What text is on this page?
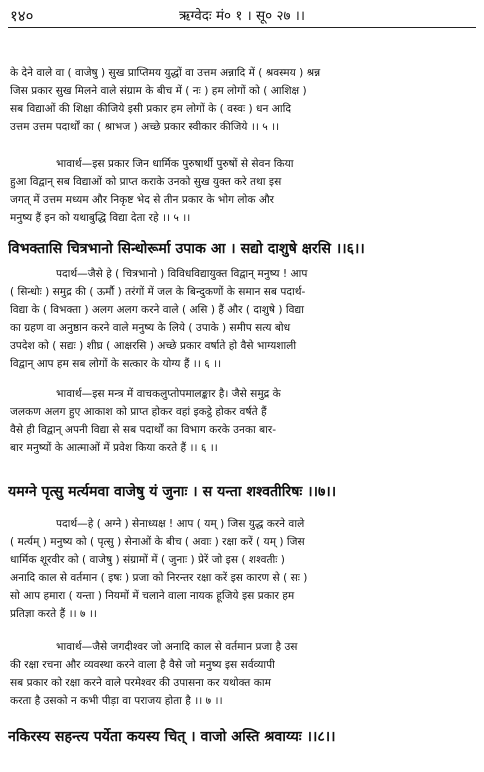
१४०	ऋग्वेदः मं० १ । सू० २७ ।।
के देने वाले वा ( वाजेषु ) सुख प्राप्तिमय युद्धों वा उत्तम अन्नादि में ( श्रवस्मय ) श्रन्न
जिस प्रकार सुख मिलने वाले संग्राम के बीच में ( नः ) हम लोगों को ( आशिक्ष )
सब विद्याओं की शिक्षा कीजिये इसी प्रकार हम लोगों के ( वस्वः ) धन आदि
उत्तम उत्तम पदार्थों का ( श्राभज ) अच्छे प्रकार स्वीकार कीजिये ।। ५ ।।
भावार्थ—इस प्रकार जिन धार्मिक पुरुषार्थी पुरुषों से सेवन किया
हुआ विद्वान् सब विद्याओं को प्राप्त कराके उनको सुख युक्त करे तथा इस
जगत् में उत्तम मध्यम और निकृष्ट भेद से तीन प्रकार के भोग लोक और
मनुष्य हैं इन को यथाबुद्धि विद्या देता रहे ।। ५ ।।
विभक्तासि चित्रभानो सिन्धोरूर्मा उपाक आ । सद्यो दाशुषे क्षरसि ।।६।।
पदार्थ—जैसे हे ( चित्रभानो ) विविधविद्यायुक्त विद्वान् मनुष्य ! आप
( सिन्धोः ) समुद्र की ( ऊर्मौ ) तरंगों में जल के बिन्दुकणों के समान सब पदार्थ-
विद्या के ( विभक्ता ) अलग अलग करने वाले ( असि ) हैं और ( दाशुषे ) विद्या
का ग्रहण वा अनुष्ठान करने वाले मनुष्य के लिये ( उपाके ) समीप सत्य बोध
उपदेश को ( सद्यः ) शीघ्र ( आक्षरसि ) अच्छे प्रकार वर्षाते हो वैसे भाग्यशाली
विद्वान् आप हम सब लोगों के सत्कार के योग्य हैं ।। ६ ।।
भावार्थ—इस मन्त्र में वाचकलुप्तोपमालङ्कार है। जैसे समुद्र के
जलकण अलग हुए आकाश को प्राप्त होकर वहां इकट्ठे होकर वर्षते हैं
वैसे ही विद्वान् अपनी विद्या से सब पदार्थों का विभाग करके उनका बार-
बार मनुष्यों के आत्माओं में प्रवेश किया करते हैं ।। ६ ।।
यमग्ने पृत्सु मर्त्यमवा वाजेषु यं जुनाः । स यन्ता शश्वतीरिषः ।।७।।
पदार्थ—हे ( अग्ने ) सेनाध्यक्ष ! आप ( यम् ) जिस युद्ध करने वाले
( मर्त्यम् ) मनुष्य को ( पृत्सु ) सेनाओं के बीच ( अवाः ) रक्षा करें ( यम् ) जिस
धार्मिक शूरवीर को ( वाजेषु ) संग्रामों में ( जुनाः ) प्रेरें जो इस ( शश्वतीः )
अनादि काल से वर्तमान ( इषः ) प्रजा को निरन्तर रक्षा करें इस कारण से ( सः )
सो आप हमारा ( यन्ता ) नियमों में चलाने वाला नायक हूजिये इस प्रकार हम
प्रतिज्ञा करते हैं ।। ७ ।।
भावार्थ—जैसे जगदीश्वर जो अनादि काल से वर्तमान प्रजा है उस
की रक्षा रचना और व्यवस्था करने वाला है वैसे जो मनुष्य इस सर्वव्यापी
सब प्रकार को रक्षा करने वाले परमेश्वर की उपासना कर यथोक्त काम
करता है उसको न कभी पीड़ा वा पराजय होता है ।। ७ ।।
नकिरस्य सहन्त्य पर्येता कयस्य चित् । वाजो अस्ति श्रवाय्यः ।।८।।
